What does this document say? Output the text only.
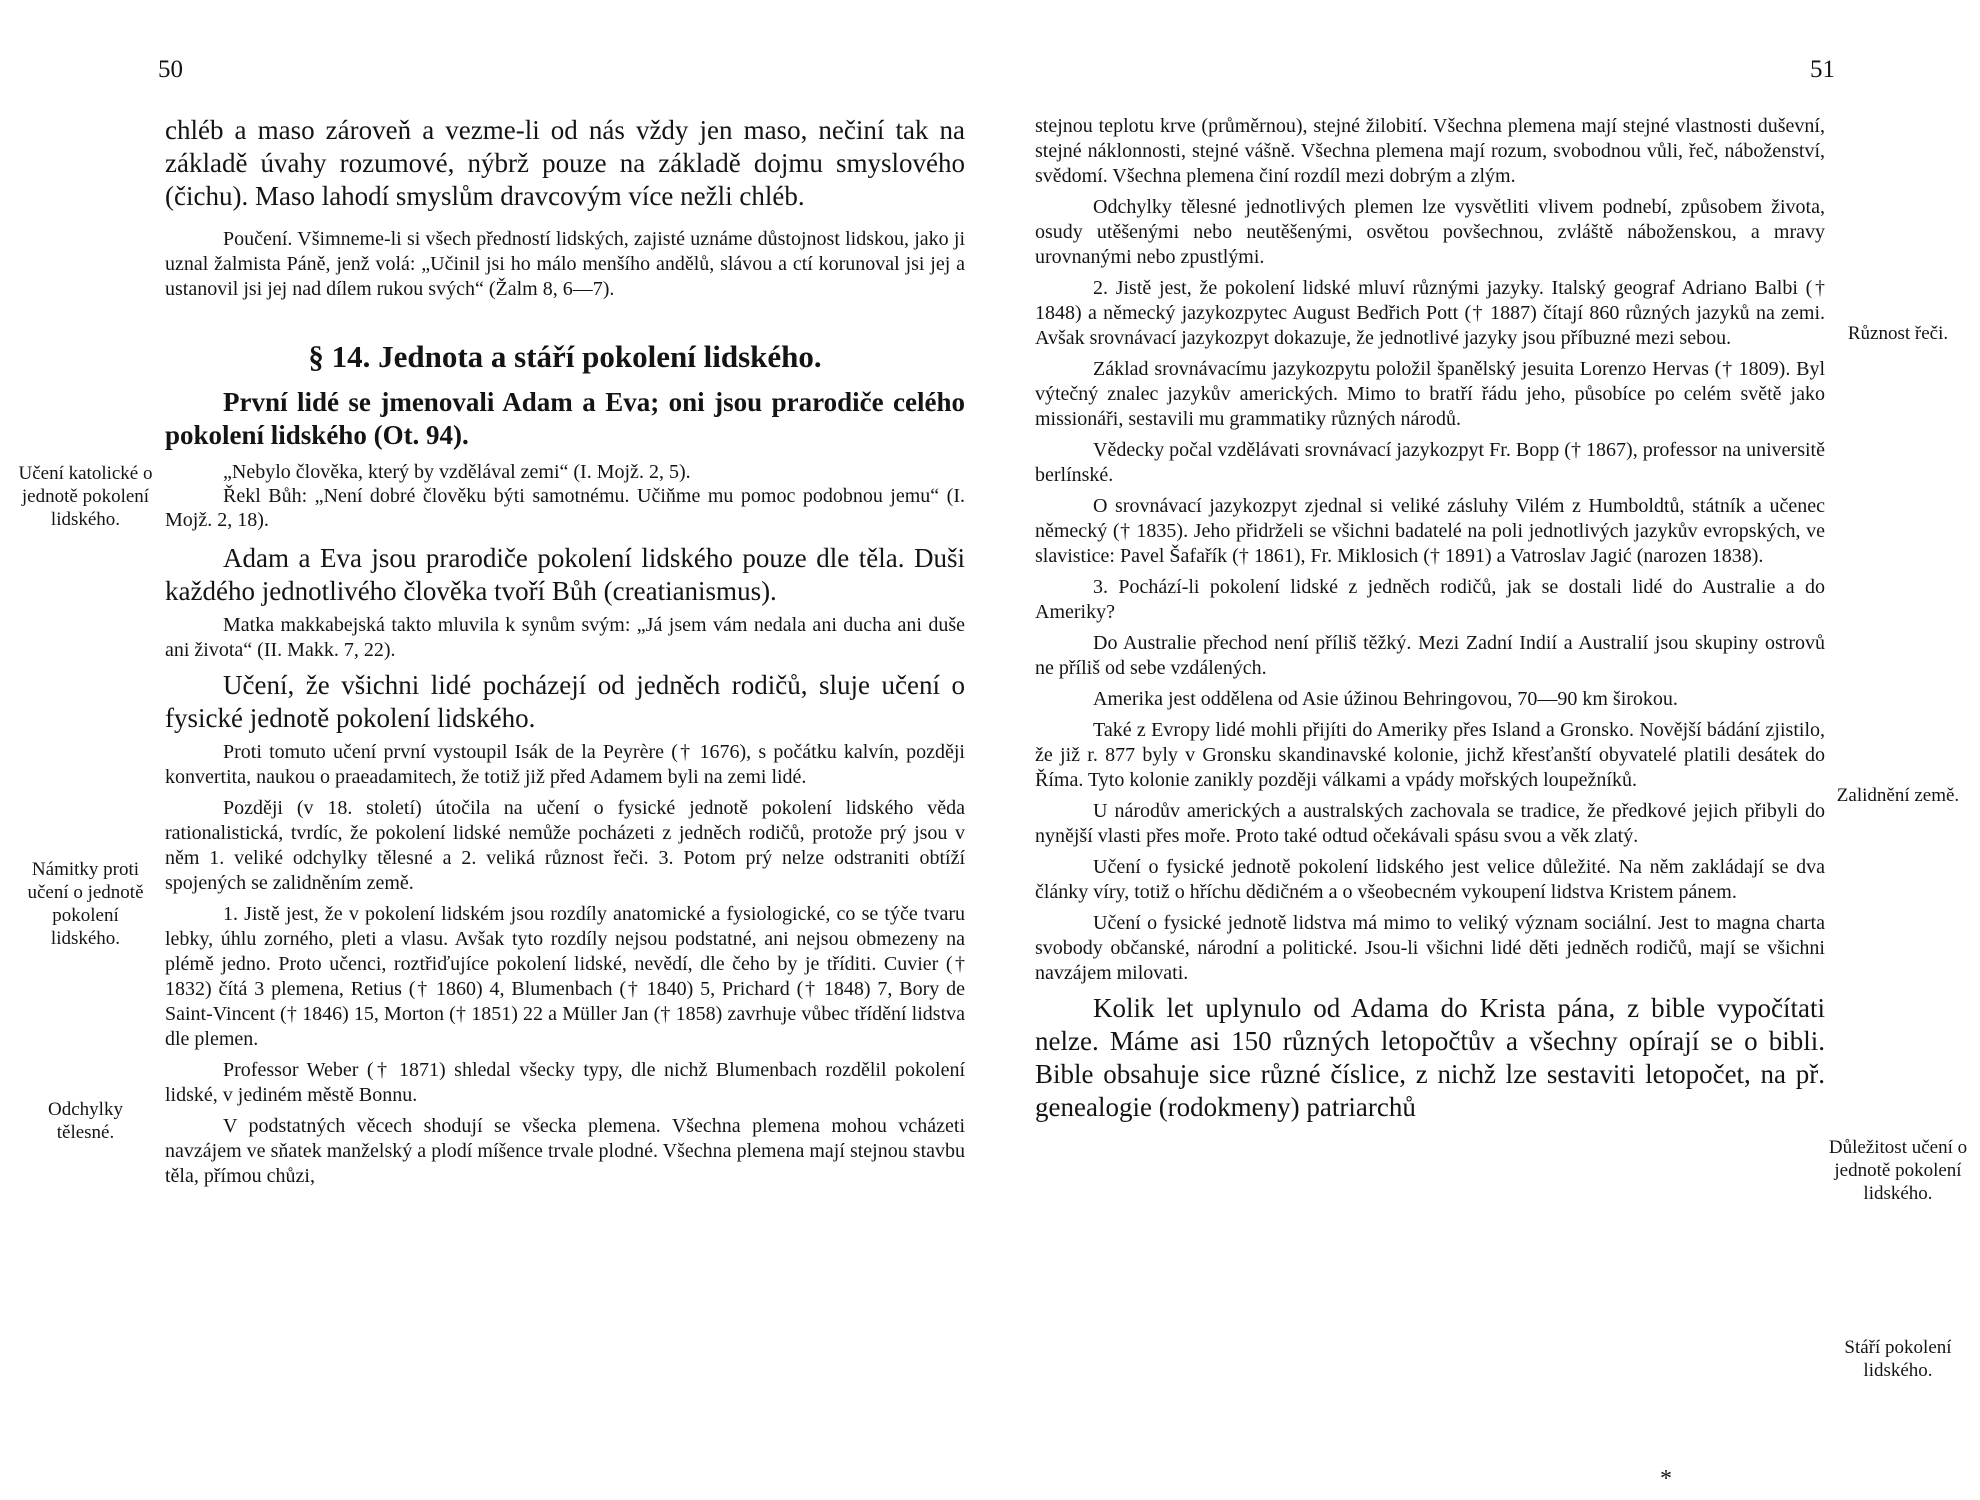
50
Učení katolické o jednotě pokolení lidského.
Námitky proti učení o jednotě pokolení lidského.
Odchylky tělesné.

chléb a maso zároveň a vezme-li od nás vždy jen maso, nečiní tak na základě úvahy rozumové, nýbrž pouze na základě dojmu smyslového (čichu). Maso lahodí smyslům dravcovým více nežli chléb.

Poučení. Všimneme-li si všech předností lidských, zajisté uznáme důstojnost lidskou, jako ji uznal žalmista Páně, jenž volá: „Učinil jsi ho málo menšího andělů, slávou a ctí korunoval jsi jej a ustanovil jsi jej nad dílem rukou svých“ (Žalm 8, 6—7).

§ 14. Jednota a stáří pokolení lidského.

První lidé se jmenovali Adam a Eva; oni jsou prarodiče celého pokolení lidského (Ot. 94).

„Nebylo člověka, který by vzdělával zemi“ (I. Mojž. 2, 5).

Řekl Bůh: „Není dobré člověku býti samotnému. Učiňme mu pomoc podobnou jemu“ (I. Mojž. 2, 18).

Adam a Eva jsou prarodiče pokolení lidského pouze dle těla. Duši každého jednotlivého člověka tvoří Bůh (creatianismus).

Matka makkabejská takto mluvila k synům svým: „Já jsem vám nedala ani ducha ani duše ani života“ (II. Makk. 7, 22).

Učení, že všichni lidé pocházejí od jedněch rodičů, sluje učení o fysické jednotě pokolení lidského.

Proti tomuto učení první vystoupil Isák de la Peyrère († 1676), s počátku kalvín, později konvertita, naukou o praeadamitech, že totiž již před Adamem byli na zemi lidé.

Později (v 18. století) útočila na učení o fysické jednotě pokolení lidského věda rationalistická, tvrdíc, že pokolení lidské nemůže pocházeti z jedněch rodičů, protože prý jsou v něm 1. veliké odchylky tělesné a 2. veliká různost řeči. 3. Potom prý nelze odstraniti obtíží spojených se zalidněním země.

1. Jistě jest, že v pokolení lidském jsou rozdíly anatomické a fysiologické, co se týče tvaru lebky, úhlu zorného, pleti a vlasu. Avšak tyto rozdíly nejsou podstatné, ani nejsou obmezeny na plémě jedno. Proto učenci, roztřiďujíce pokolení lidské, nevědí, dle čeho by je tříditi. Cuvier († 1832) čítá 3 plemena, Retius († 1860) 4, Blumenbach († 1840) 5, Prichard († 1848) 7, Bory de Saint-Vincent († 1846) 15, Morton († 1851) 22 a Müller Jan († 1858) zavrhuje vůbec třídění lidstva dle plemen.

Professor Weber († 1871) shledal všecky typy, dle nichž Blumenbach rozdělil pokolení lidské, v jediném městě Bonnu.

V podstatných věcech shodují se všecka plemena. Všechna plemena mohou vcházeti navzájem ve sňatek manželský a plodí míšence trvale plodné. Všechna plemena mají stejnou stavbu těla, přímou chůzi,

51
Různost řeči.
Zalidnění země.
Důležitost učení o jednotě pokolení lidského.
Stáří pokolení lidského.

stejnou teplotu krve (průměrnou), stejné žilobití. Všechna plemena mají stejné vlastnosti duševní, stejné náklonnosti, stejné vášně. Všechna plemena mají rozum, svobodnou vůli, řeč, náboženství, svědomí. Všechna plemena činí rozdíl mezi dobrým a zlým.

Odchylky tělesné jednotlivých plemen lze vysvětliti vlivem podnebí, způsobem života, osudy utěšenými nebo neutěšenými, osvětou povšechnou, zvláště náboženskou, a mravy urovnanými nebo zpustlými.

2. Jistě jest, že pokolení lidské mluví různými jazyky. Italský geograf Adriano Balbi († 1848) a německý jazykozpytec August Bedřich Pott († 1887) čítají 860 různých jazyků na zemi. Avšak srovnávací jazykozpyt dokazuje, že jednotlivé jazyky jsou příbuzné mezi sebou.

Základ srovnávacímu jazykozpytu položil španělský jesuita Lorenzo Hervas († 1809). Byl výtečný znalec jazykův amerických. Mimo to bratří řádu jeho, působíce po celém světě jako missionáři, sestavili mu grammatiky různých národů.

Vědecky počal vzdělávati srovnávací jazykozpyt Fr. Bopp († 1867), professor na universitě berlínské.

O srovnávací jazykozpyt zjednal si veliké zásluhy Vilém z Humboldtů, státník a učenec německý († 1835). Jeho přidrželi se všichni badatelé na poli jednotlivých jazykův evropských, ve slavistice: Pavel Šafařík († 1861), Fr. Miklosich († 1891) a Vatroslav Jagić (narozen 1838).

3. Pochází-li pokolení lidské z jedněch rodičů, jak se dostali lidé do Australie a do Ameriky?

Do Australie přechod není příliš těžký. Mezi Zadní Indií a Australií jsou skupiny ostrovů ne příliš od sebe vzdálených.

Amerika jest oddělena od Asie úžinou Behringovou, 70—90 km širokou.

Také z Evropy lidé mohli přijíti do Ameriky přes Island a Gronsko. Novější bádání zjistilo, že již r. 877 byly v Gronsku skandinavské kolonie, jichž křesťanští obyvatelé platili desátek do Říma. Tyto kolonie zanikly později válkami a vpády mořských loupežníků.

U národův amerických a australských zachovala se tradice, že předkové jejich přibyli do nynější vlasti přes moře. Proto také odtud očekávali spásu svou a věk zlatý.

Učení o fysické jednotě pokolení lidského jest velice důležité. Na něm zakládají se dva články víry, totiž o hříchu dědičném a o všeobecném vykoupení lidstva Kristem pánem.

Učení o fysické jednotě lidstva má mimo to veliký význam sociální. Jest to magna charta svobody občanské, národní a politické. Jsou-li všichni lidé děti jedněch rodičů, mají se všichni navzájem milovati.

Kolik let uplynulo od Adama do Krista pána, z bible vypočítati nelze. Máme asi 150 různých letopočtův a všechny opírají se o bibli. Bible obsahuje sice různé číslice, z nichž lze sestaviti letopočet, na př. genealogie (rodokmeny) patriarchů

*
